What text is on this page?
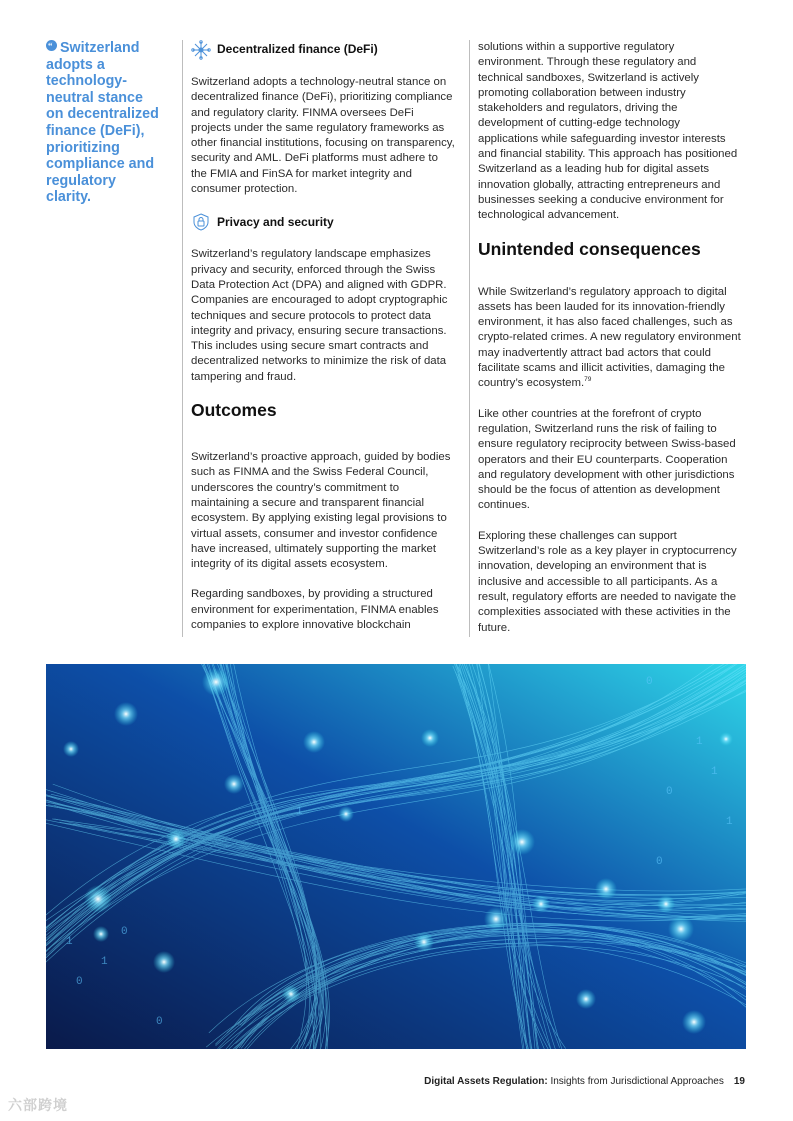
“ Switzerland adopts a technology-neutral stance on decentralized finance (DeFi), prioritizing compliance and regulatory clarity.
Decentralized finance (DeFi)

Switzerland adopts a technology-neutral stance on decentralized finance (DeFi), prioritizing compliance and regulatory clarity. FINMA oversees DeFi projects under the same regulatory frameworks as other financial institutions, focusing on transparency, security and AML. DeFi platforms must adhere to the FMIA and FinSA for market integrity and consumer protection.

Privacy and security

Switzerland’s regulatory landscape emphasizes privacy and security, enforced through the Swiss Data Protection Act (DPA) and aligned with GDPR. Companies are encouraged to adopt cryptographic techniques and secure protocols to protect data integrity and privacy, ensuring secure transactions. This includes using secure smart contracts and decentralized networks to minimize the risk of data tampering and fraud.

Outcomes

Switzerland’s proactive approach, guided by bodies such as FINMA and the Swiss Federal Council, underscores the country’s commitment to maintaining a secure and transparent financial ecosystem. By applying existing legal provisions to virtual assets, consumer and investor confidence have increased, ultimately supporting the market integrity of its digital assets ecosystem.

Regarding sandboxes, by providing a structured environment for experimentation, FINMA enables companies to explore innovative blockchain

solutions within a supportive regulatory environment. Through these regulatory and technical sandboxes, Switzerland is actively promoting collaboration between industry stakeholders and regulators, driving the development of cutting-edge technology applications while safeguarding investor interests and financial stability. This approach has positioned Switzerland as a leading hub for digital assets innovation globally, attracting entrepreneurs and businesses seeking a conducive environment for technological advancement.

Unintended consequences

While Switzerland’s regulatory approach to digital assets has been lauded for its innovation-friendly environment, it has also faced challenges, such as crypto-related crimes. A new regulatory environment may inadvertently attract bad actors that could facilitate scams and illicit activities, damaging the country’s ecosystem.$^{79}$

Like other countries at the forefront of crypto regulation, Switzerland runs the risk of failing to ensure regulatory reciprocity between Swiss-based operators and their EU counterparts. Cooperation and regulatory development with other jurisdictions should be the focus of attention as development continues.

Exploring these challenges can support Switzerland’s role as a key player in cryptocurrency innovation, developing an environment that is inclusive and accessible to all participants. As a result, regulatory efforts are needed to navigate the complexities associated with these activities in the future.

1
1
0
0
0
0
1
1
0
1
0
1
Digital Assets Regulation: Insights from Jurisdictional Approaches 19
六部跨境
